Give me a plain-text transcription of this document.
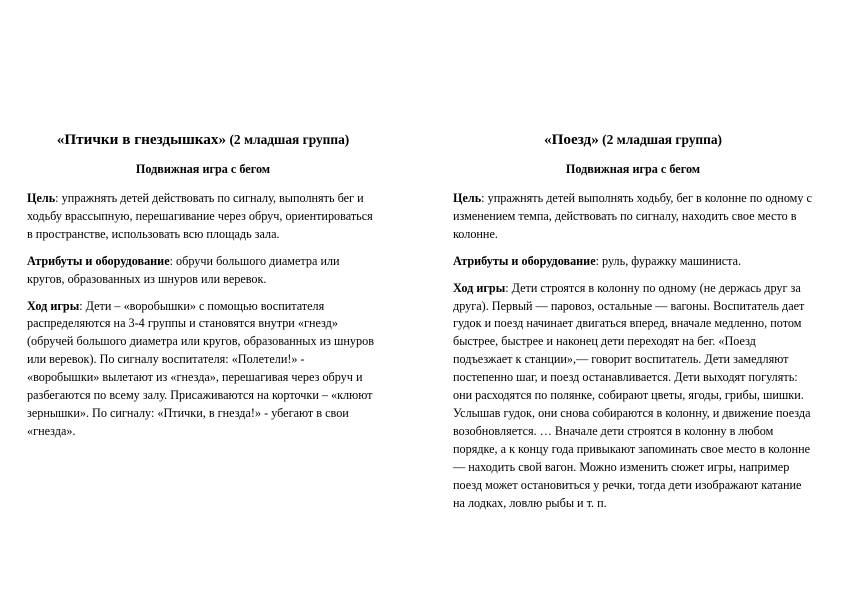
«Птички в гнездышках» (2 младшая группа)
Подвижная игра с бегом

Цель: упражнять детей действовать по сигналу, выполнять бег и ходьбу врассыпную, перешагивание через обруч, ориентироваться в пространстве, использовать всю площадь зала.

Атрибуты и оборудование: обручи большого диаметра или кругов, образованных из шнуров или веревок.

Ход игры: Дети – «воробышки» с помощью воспитателя распределяются на 3-4 группы и становятся внутри «гнезд» (обручей большого диаметра или кругов, образованных из шнуров или веревок). По сигналу воспитателя: «Полетели!» - «воробышки» вылетают из «гнезда», перешагивая через обруч и разбегаются по всему залу. Присаживаются на корточки – «клюют зернышки». По сигналу: «Птички, в гнезда!» - убегают в свои «гнезда».

«Поезд» (2 младшая группа)
Подвижная игра с бегом

Цель: упражнять детей выполнять ходьбу, бег в колонне по одному с изменением темпа, действовать по сигналу, находить свое место в колонне.

Атрибуты и оборудование: руль, фуражку машиниста.

Ход игры: Дети строятся в колонну по одному (не держась друг за друга). Первый — паровоз, остальные — вагоны. Воспитатель дает гудок и поезд начинает двигаться вперед, вначале медленно, потом быстрее, быстрее и наконец дети переходят на бег. «Поезд подъезжает к станции»,— говорит воспитатель. Дети замедляют постепенно шаг, и поезд останавливается. Дети выходят погулять: они расходятся по полянке, собирают цветы, ягоды, грибы, шишки. Услышав гудок, они снова собираются в колонну, и движение поезда возобновляется. … Вначале дети строятся в колонну в любом порядке, а к концу года привыкают запоминать свое место в колонне — находить свой вагон. Можно изменить сюжет игры, например поезд может остановиться у речки, тогда дети изображают катание на лодках, ловлю рыбы и т. п.
